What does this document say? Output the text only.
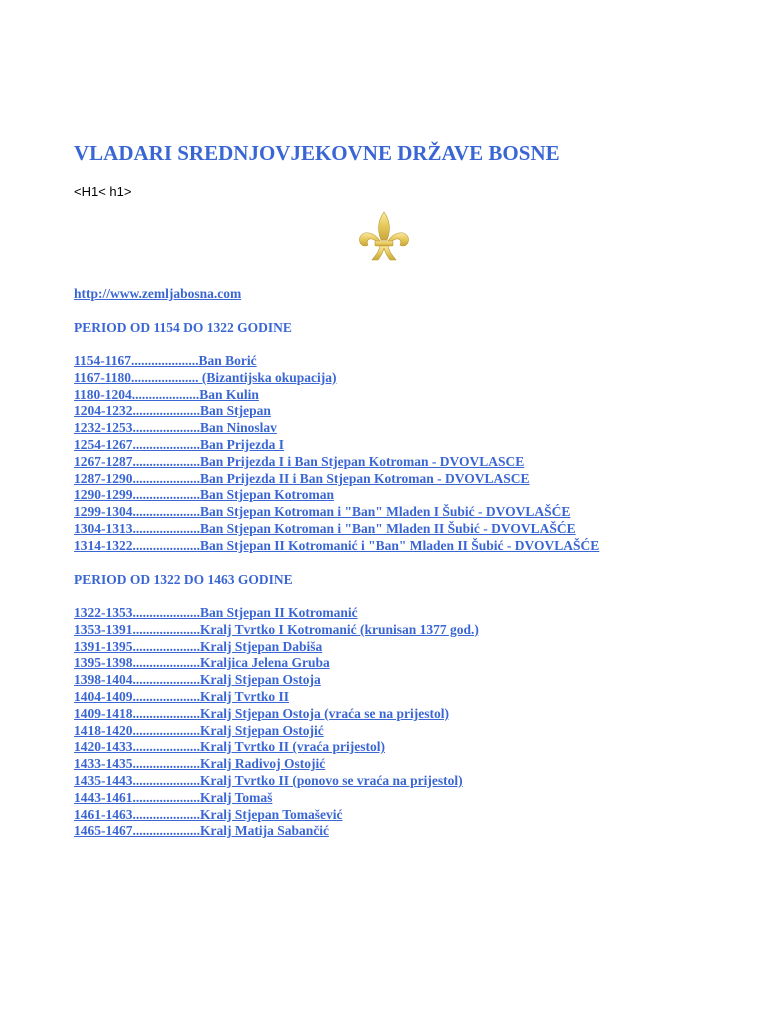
VLADARI SREDNJOVJEKOVNE DRŽAVE BOSNE
<H1< h1>
http://www.zemljabosna.com
PERIOD OD 1154 DO 1322 GODINE
1154-1167....................Ban Borić
1167-1180.................... (Bizantijska okupacija)
1180-1204....................Ban Kulin
1204-1232....................Ban Stjepan
1232-1253....................Ban Ninoslav
1254-1267....................Ban Prijezda I
1267-1287....................Ban Prijezda I i Ban Stjepan Kotroman - DVOVLASCE
1287-1290....................Ban Prijezda II i Ban Stjepan Kotroman - DVOVLASCE
1290-1299....................Ban Stjepan Kotroman
1299-1304....................Ban Stjepan Kotroman i "Ban" Mladen I Šubić - DVOVLAŠĆE
1304-1313....................Ban Stjepan Kotroman i "Ban" Mladen II Šubić - DVOVLAŠĆE
1314-1322....................Ban Stjepan II Kotromanić i "Ban" Mladen II Šubić - DVOVLAŠĆE
PERIOD OD 1322 DO 1463 GODINE
1322-1353....................Ban Stjepan II Kotromanić
1353-1391....................Kralj Tvrtko I Kotromanić (krunisan 1377 god.)
1391-1395....................Kralj Stjepan Dabiša
1395-1398....................Kraljica Jelena Gruba
1398-1404....................Kralj Stjepan Ostoja
1404-1409....................Kralj Tvrtko II
1409-1418....................Kralj Stjepan Ostoja (vraća se na prijestol)
1418-1420....................Kralj Stjepan Ostojić
1420-1433....................Kralj Tvrtko II (vraća prijestol)
1433-1435....................Kralj Radivoj Ostojić
1435-1443....................Kralj Tvrtko II (ponovo se vraća na prijestol)
1443-1461....................Kralj Tomaš
1461-1463....................Kralj Stjepan Tomašević
1465-1467....................Kralj Matija Sabančić
